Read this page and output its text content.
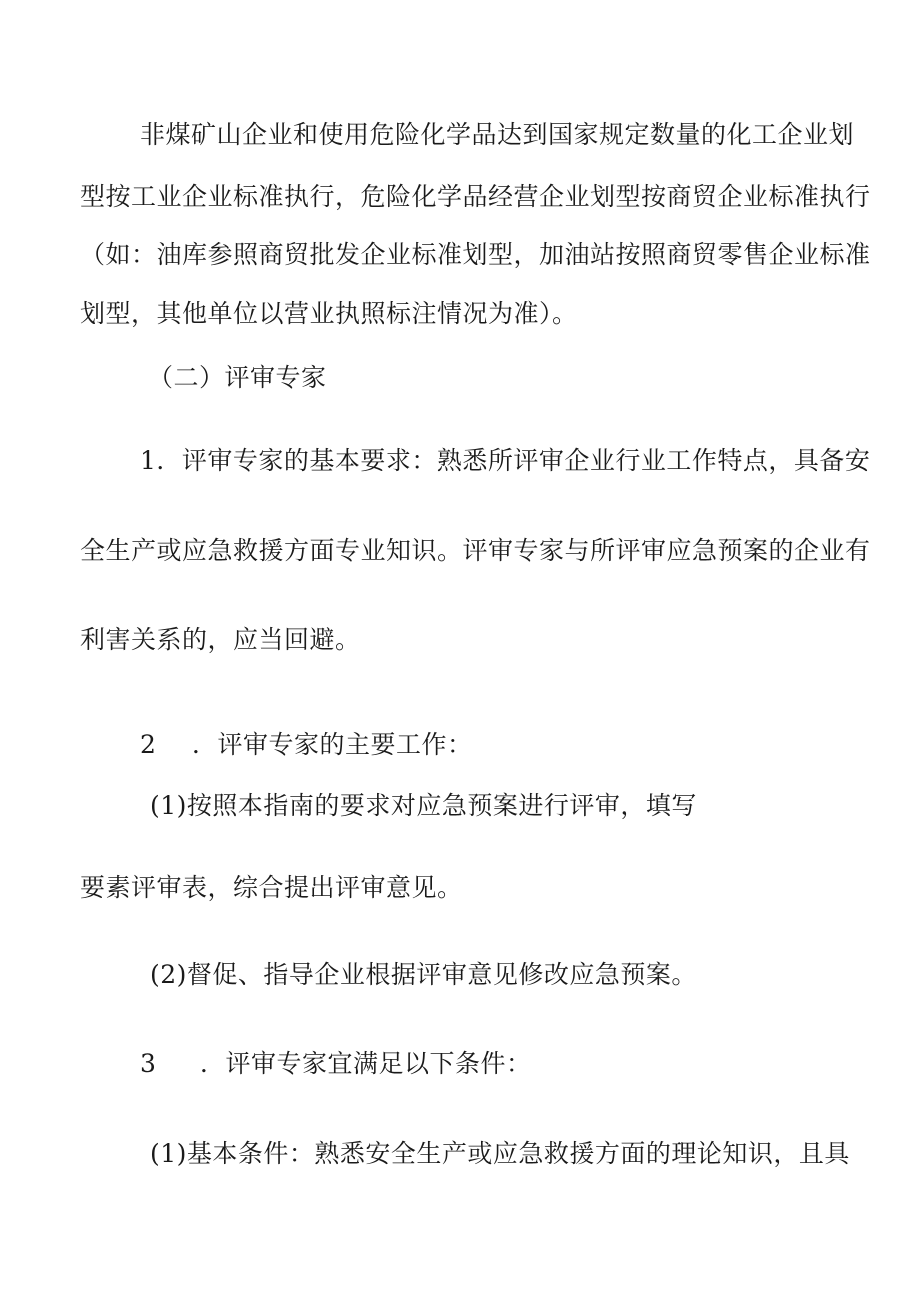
非煤矿山企业和使用危险化学品达到国家规定数量的化工企业划

型按工业企业标准执行，危险化学品经营企业划型按商贸企业标准执行

（如：油库参照商贸批发企业标准划型，加油站按照商贸零售企业标准

划型，其他单位以营业执照标注情况为准）。

（二）评审专家

1．评审专家的基本要求：熟悉所评审企业行业工作特点，具备安

全生产或应急救援方面专业知识。评审专家与所评审应急预案的企业有

利害关系的，应当回避。

2 ．评审专家的主要工作：

(1)按照本指南的要求对应急预案进行评审，填写

要素评审表，综合提出评审意见。

(2)督促、指导企业根据评审意见修改应急预案。

3 ．评审专家宜满足以下条件：

(1)基本条件：熟悉安全生产或应急救援方面的理论知识，且具
